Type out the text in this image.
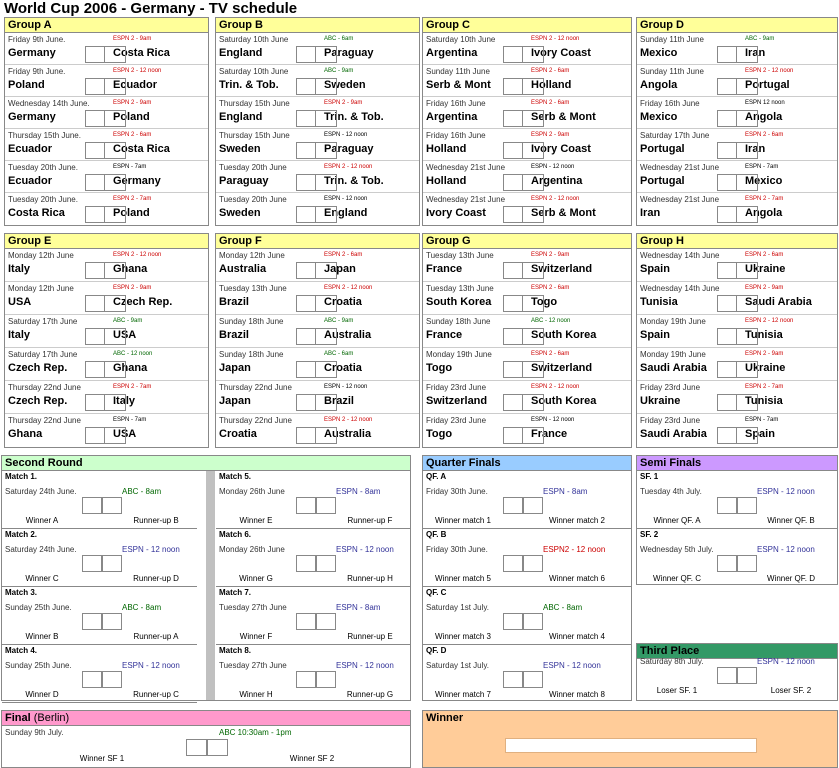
World Cup 2006 - Germany - TV schedule
Group A
Friday 9th June.	ESPN 2 - 9am
Germany	Costa Rica
Friday 9th June.	ESPN 2 - 12 noon
Poland	Ecuador
Wednesday 14th June.	ESPN 2 - 9am
Germany	Poland
Thursday 15th June.	ESPN 2 - 6am
Ecuador	Costa Rica
Tuesday 20th June.	ESPN - 7am
Ecuador	Germany
Tuesday 20th June.	ESPN 2 - 7am
Costa Rica	Poland
Group B
Saturday 10th June	ABC - 6am
England	Paraguay
Saturday 10th June	ABC - 9am
Trin. & Tob.	Sweden
Thursday 15th June	ESPN 2 - 9am
England	Trin. & Tob.
Thursday 15th June	ESPN - 12 noon
Sweden	Paraguay
Tuesday 20th June	ESPN 2 - 12 noon
Paraguay	Trin. & Tob.
Tuesday 20th June	ESPN - 12 noon
Sweden	England
Group C
Saturday 10th June	ESPN 2 - 12 noon
Argentina	Ivory Coast
Sunday 11th June	ESPN 2 - 6am
Serb & Mont	Holland
Friday 16th June	ESPN 2 - 6am
Argentina	Serb & Mont
Friday 16th June	ESPN 2 - 9am
Holland	Ivory Coast
Wednesday 21st June	ESPN - 12 noon
Holland	Argentina
Wednesday 21st June	ESPN 2 - 12 noon
Ivory Coast	Serb & Mont
Group D
Sunday 11th June	ABC - 9am
Mexico	Iran
Sunday 11th June	ESPN 2 - 12 noon
Angola	Portugal
Friday 16th June	ESPN 12 noon
Mexico	Angola
Saturday 17th June	ESPN 2 - 6am
Portugal	Iran
Wednesday 21st June	ESPN - 7am
Portugal	Mexico
Wednesday 21st June	ESPN 2 - 7am
Iran	Angola
Group E
Monday 12th June	ESPN 2 - 12 noon
Italy	Ghana
Monday 12th June	ESPN 2 - 9am
USA	Czech Rep.
Saturday 17th June	ABC - 9am
Italy	USA
Saturday 17th June	ABC - 12 noon
Czech Rep.	Ghana
Thursday 22nd June	ESPN 2 - 7am
Czech Rep.	Italy
Thursday 22nd June	ESPN - 7am
Ghana	USA
Group F
Monday 12th June	ESPN 2 - 6am
Australia	Japan
Tuesday 13th June	ESPN 2 - 12 noon
Brazil	Croatia
Sunday 18th June	ABC - 9am
Brazil	Australia
Sunday 18th June	ABC - 6am
Japan	Croatia
Thursday 22nd June	ESPN - 12 noon
Japan	Brazil
Thursday 22nd June	ESPN 2 - 12 noon
Croatia	Australia
Group G
Tuesday 13th June	ESPN 2 - 9am
France	Switzerland
Tuesday 13th June	ESPN 2 - 6am
South Korea	Togo
Sunday 18th June	ABC - 12 noon
France	South Korea
Monday 19th June	ESPN 2 - 6am
Togo	Switzerland
Friday 23rd June	ESPN 2 - 12 noon
Switzerland	South Korea
Friday 23rd June	ESPN - 12 noon
Togo	France
Group H
Wednesday 14th June	ESPN 2 - 6am
Spain	Ukraine
Wednesday 14th June	ESPN 2 - 9am
Tunisia	Saudi Arabia
Monday 19th June	ESPN 2 - 12 noon
Spain	Tunisia
Monday 19th June	ESPN 2 - 9am
Saudi Arabia	Ukraine
Friday 23rd June	ESPN 2 - 7am
Ukraine	Tunisia
Friday 23rd June	ESPN - 7am
Saudi Arabia	Spain
Second Round
Match 1.
Saturday 24th June.	ABC - 8am
Winner A	Runner-up B
Match 2.
Saturday 24th June.	ESPN - 12 noon
Winner C	Runner-up D
Match 3.
Sunday 25th June.	ABC - 8am
Winner B	Runner-up A
Match 4.
Sunday 25th June.	ESPN - 12 noon
Winner D	Runner-up C
Match 5.
Monday 26th June	ESPN - 8am
Winner E	Runner-up F
Match 6.
Monday 26th June	ESPN - 12 noon
Winner G	Runner-up H
Match 7.
Tuesday 27th June	ESPN - 8am
Winner F	Runner-up E
Match 8.
Tuesday 27th June	ESPN - 12 noon
Winner H	Runner-up G
Quarter Finals
QF. A
Friday 30th June.	ESPN - 8am
Winner match 1	Winner match 2
QF. B
Friday 30th June.	ESPN2 - 12 noon
Winner match 5	Winner match 6
QF. C
Saturday 1st July.	ABC - 8am
Winner match 3	Winner match 4
QF. D
Saturday 1st July.	ESPN - 12 noon
Winner match 7	Winner match 8
Semi Finals
SF. 1
Tuesday 4th July.	ESPN - 12 noon
Winner QF. A	Winner QF. B
SF. 2
Wednesday 5th July.	ESPN - 12 noon
Winner QF. C	Winner QF. D
Third Place
Saturday 8th July.	ESPN - 12 noon
Loser SF. 1	Loser SF. 2
Final (Berlin)
Sunday 9th July.	ABC 10:30am - 1pm
Winner SF 1	Winner SF 2
Winner
